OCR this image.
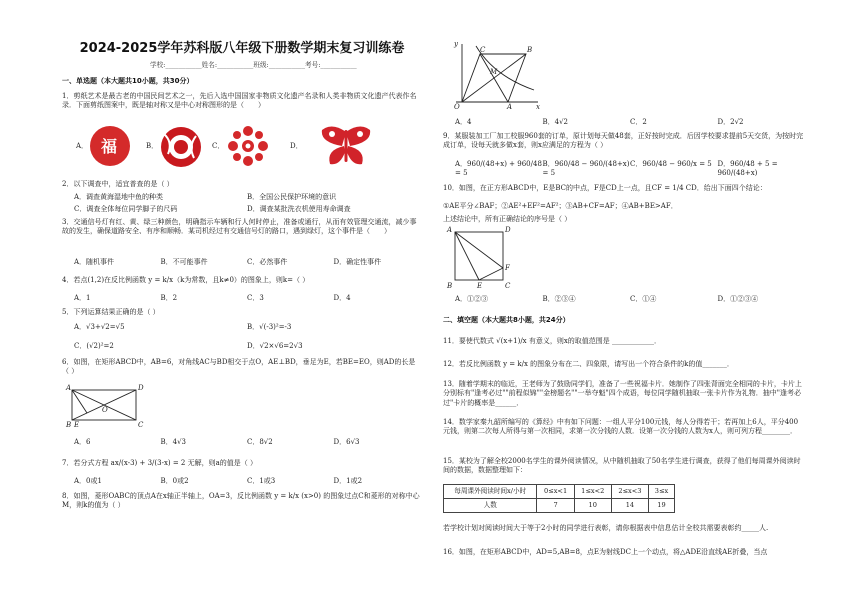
2024-2025学年苏科版八年级下册数学期末复习训练卷
学校:___________姓名:___________班级:___________考号:___________
一、单选题（本大题共10小题，共30分）
1．剪纸艺术是最古老的中国民间艺术之一，先后入选中国国家非物质文化遗产名录和人类非物质文化遗产代表作名录．下面剪纸图案中，既是轴对称又是中心对称图形的是（　　）
A． 福	B．	C．	D．
2．以下调查中，适宜普查的是（ ）
A．调查黄海湿地中鱼的种类	B．全国公民保护环境的意识
C．调查全体每位同学脚子的尺码	D．调查某批洗衣机使用寿命调查
3．交通信号灯有红、黄、绿三种颜色，明确指示车辆和行人何时停止，准备或通行，从而有效管理交通流，减少事故的发生，确保道路安全、有序和顺畅．某司机经过有交通信号灯的路口，遇到绿灯，这个事件是（　　）
A．随机事件	B．不可能事件	C．必然事件	D．确定性事件
4．若点(1,2)在反比例函数 y = k/x（k为常数，且k≠0）的图象上，则k=（ ）
A．1	B．2	C．3	D．4
5．下列运算结果正确的是（ ）
A．√3+√2=√5	B．√(-3)²=-3
C．(√2)²=2	D．√2×√6=2√3
6．如图，在矩形ABCD中，AB=6，对角线AC与BD相交于点O，AE⊥BD，垂足为E，若BE=EO，则AD的长是（ ）
A	D
O
E
B	C
A．6	B．4√3	C．8√2	D．6√3
7．若分式方程 ax/(x-3) + 3/(3-x) = 2 无解，则a的值是（ ）
A．0或1	B．0或2	C．1或3	D．1或2
8．如图，菱形OABC的顶点A在x轴正半轴上，OA=3，反比例函数 y = k/x (x>0) 的图象过点C和菱形的对称中心M，则k的值为（ ）
y
C	B
M
O	A	x
A．4	B．4√2	C．2	D．2√2
9．某服装加工厂加工校服960套的订单，原计划每天做48套，正好按时完成．后因学校要求提前5天交货，为按时完成订单，设每天就多做x套，则x应满足的方程为（ ）
A．960/(48+x) + 960/48 = 5
B．960/48 − 960/(48+x) = 5
C．960/48 − 960/x = 5 D．960/48 + 5 = 960/(48+x)
10．如图，在正方形ABCD中，E是BC的中点，F是CD上一点，且CF = 1/4 CD．给出下面四个结论：
①AE平分∠BAF；②AE²+EF²=AF²；③AB+CF=AF；④AB+BE>AF．
上述结论中，所有正确结论的序号是（ ）
A	D
F
B	E	C
A．①②③	B．②③④	C．①④	D．①②③④
二、填空题（本大题共8小题，共24分）
11．要使代数式 √(x+1)/x 有意义，则x的取值范围是 ____________．
12．若反比例函数 y = k/x 的图象分布在二、四象限，请写出一个符合条件的k的值_______．
13．随着学期末的临近，王老师为了鼓励同学们，准备了一些祝福卡片．她制作了四张背面完全相同的卡片，卡片上分别标有"逢考必过""前程似锦""金榜题名""一举夺魁"四个成语，每位同学随机抽取一张卡片作为礼物．抽中"逢考必过"卡片的概率是______．
14．数学家秦九韶所编写的《算经》中有如下问题：一组人平分100元钱，每人分得若干；若再加上6人，平分400元钱，则第二次每人所得与第一次相同，求第一次分钱的人数．设第一次分钱的人数为x人，则可列方程________．
15．某校为了解全校2000名学生的课外阅读情况，从中随机抽取了50名学生进行调查，获得了他们每周课外阅读时间的数据，数据整理如下：
每周课外阅读时间x/小时	0≤x<1	1≤x<2	2≤x<3	3≤x
人数	7	10	14	19
若学校计划对阅读时间大于等于2小时的同学进行表彰，请你根据表中信息估计全校共需要表彰约_____人.
16．如图，在矩形ABCD中，AD=5,AB=8，点E为射线DC上一个动点，将△ADE沿直线AE折叠，当点
